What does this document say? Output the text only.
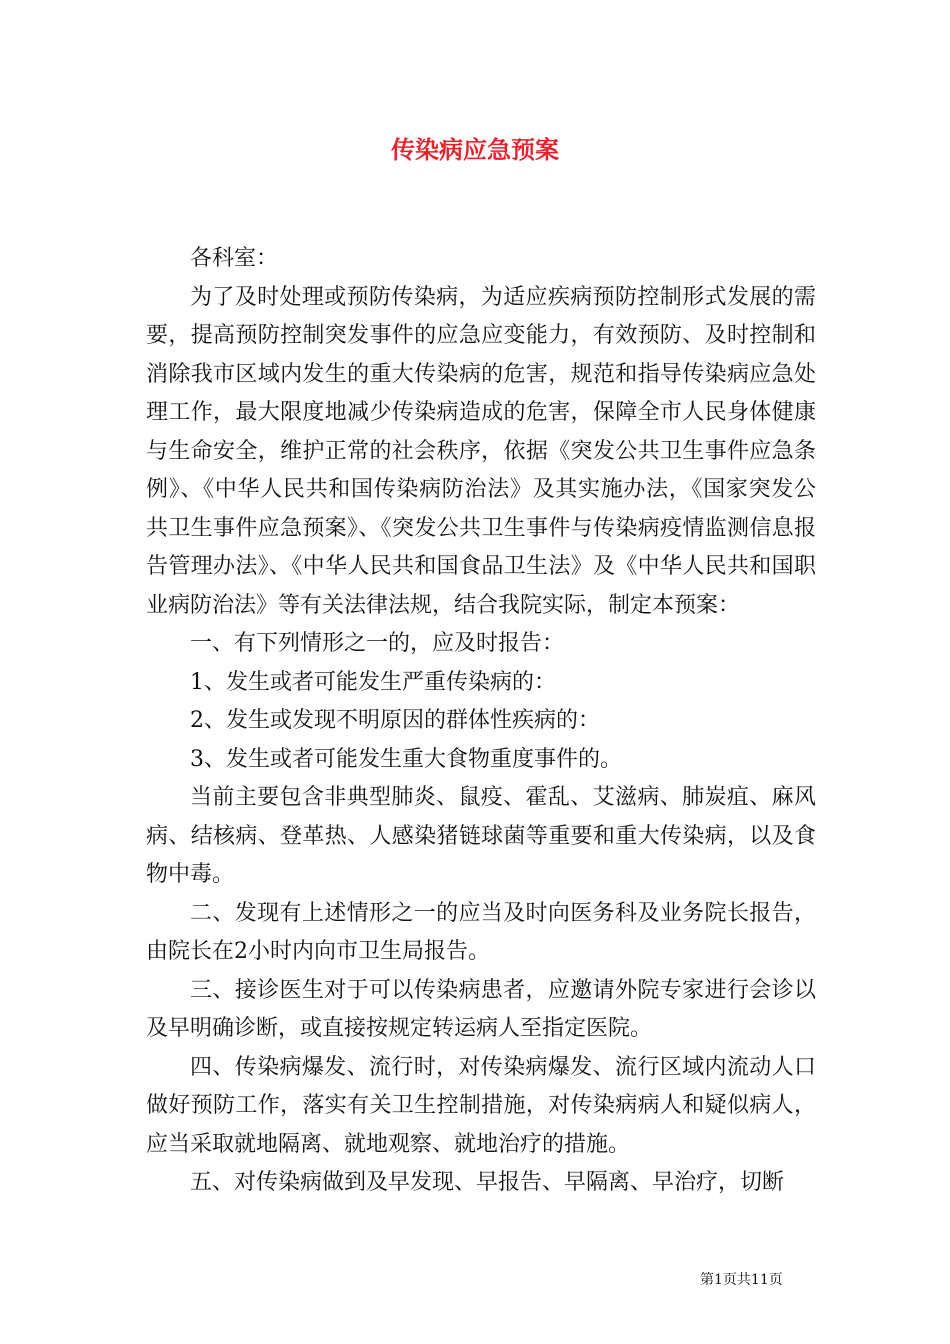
传染病应急预案

各科室：

为了及时处理或预防传染病，为适应疾病预防控制形式发展的需要，提高预防控制突发事件的应急应变能力，有效预防、及时控制和消除我市区域内发生的重大传染病的危害，规范和指导传染病应急处理工作，最大限度地减少传染病造成的危害，保障全市人民身体健康与生命安全，维护正常的社会秩序，依据《突发公共卫生事件应急条例》、《中华人民共和国传染病防治法》及其实施办法，《国家突发公共卫生事件应急预案》、《突发公共卫生事件与传染病疫情监测信息报告管理办法》、《中华人民共和国食品卫生法》及《中华人民共和国职业病防治法》等有关法律法规，结合我院实际，制定本预案：

一、有下列情形之一的，应及时报告：

1、发生或者可能发生严重传染病的：

2、发生或发现不明原因的群体性疾病的：

3、发生或者可能发生重大食物重度事件的。

当前主要包含非典型肺炎、鼠疫、霍乱、艾滋病、肺炭疽、麻风病、结核病、登革热、人感染猪链球菌等重要和重大传染病，以及食物中毒。

二、发现有上述情形之一的应当及时向医务科及业务院长报告，由院长在2小时内向市卫生局报告。

三、接诊医生对于可以传染病患者，应邀请外院专家进行会诊以及早明确诊断，或直接按规定转运病人至指定医院。

四、传染病爆发、流行时，对传染病爆发、流行区域内流动人口做好预防工作，落实有关卫生控制措施，对传染病病人和疑似病人，应当采取就地隔离、就地观察、就地治疗的措施。

五、对传染病做到及早发现、早报告、早隔离、早治疗，切断

第1页共11页
